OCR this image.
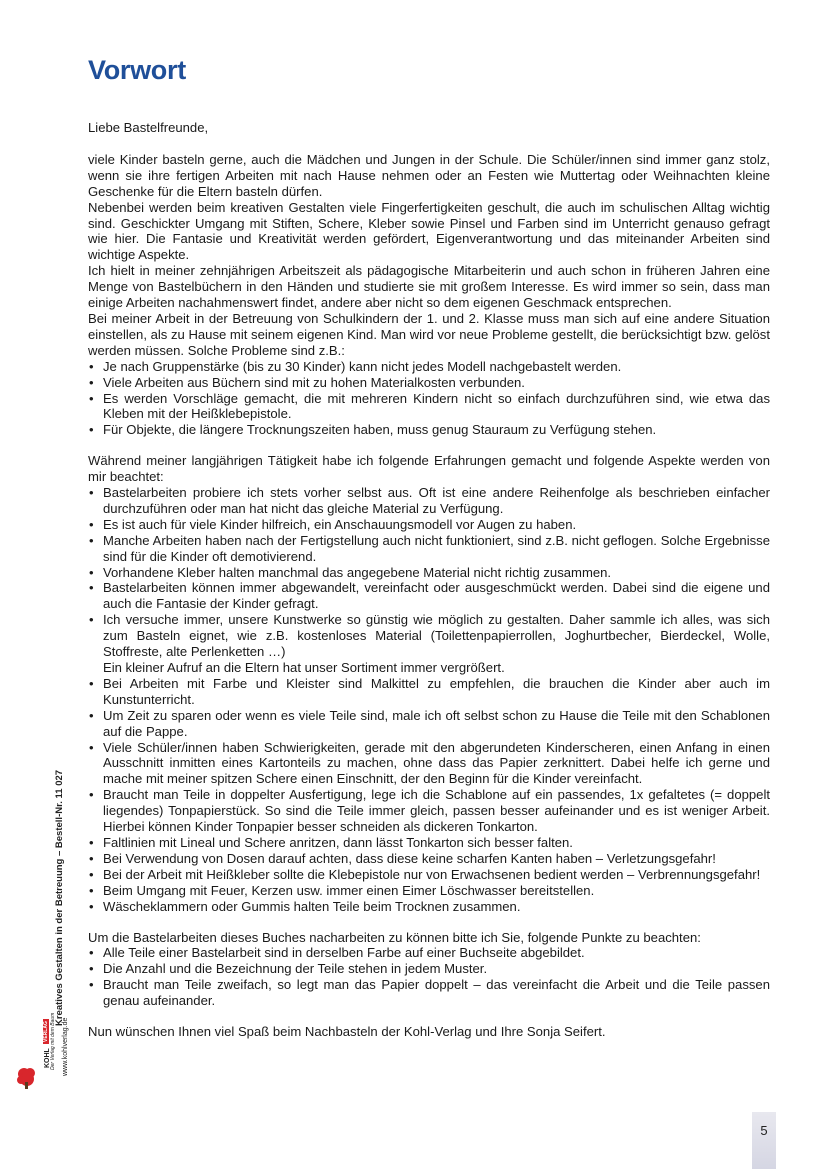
Vorwort

Liebe Bastelfreunde,

viele Kinder basteln gerne, auch die Mädchen und Jungen in der Schule. Die Schüler/innen sind immer ganz stolz, wenn sie ihre fertigen Arbeiten mit nach Hause nehmen oder an Festen wie Muttertag oder Weihnachten kleine Geschenke für die Eltern basteln dürfen.

Nebenbei werden beim kreativen Gestalten viele Fingerfertigkeiten geschult, die auch im schulischen Alltag wichtig sind. Geschickter Umgang mit Stiften, Schere, Kleber sowie Pinsel und Farben sind im Unterricht genauso gefragt wie hier. Die Fantasie und Kreativität werden gefördert, Eigenverantwortung und das miteinander Arbeiten sind wichtige Aspekte.

Ich hielt in meiner zehnjährigen Arbeitszeit als pädagogische Mitarbeiterin und auch schon in früheren Jahren eine Menge von Bastelbüchern in den Händen und studierte sie mit großem Interesse. Es wird immer so sein, dass man einige Arbeiten nachahmenswert findet, andere aber nicht so dem eigenen Geschmack entsprechen.

Bei meiner Arbeit in der Betreuung von Schulkindern der 1. und 2. Klasse muss man sich auf eine andere Situation einstellen, als zu Hause mit seinem eigenen Kind. Man wird vor neue Probleme gestellt, die berücksichtigt bzw. gelöst werden müssen. Solche Probleme sind z.B.:

• Je nach Gruppenstärke (bis zu 30 Kinder) kann nicht jedes Modell nachgebastelt werden.
• Viele Arbeiten aus Büchern sind mit zu hohen Materialkosten verbunden.
• Es werden Vorschläge gemacht, die mit mehreren Kindern nicht so einfach durchzuführen sind, wie etwa das Kleben mit der Heißklebepistole.
• Für Objekte, die längere Trocknungszeiten haben, muss genug Stauraum zu Verfügung stehen.

Während meiner langjährigen Tätigkeit habe ich folgende Erfahrungen gemacht und folgende Aspekte werden von mir beachtet:

• Bastelarbeiten probiere ich stets vorher selbst aus. Oft ist eine andere Reihenfolge als beschrieben einfacher durchzuführen oder man hat nicht das gleiche Material zu Verfügung.
• Es ist auch für viele Kinder hilfreich, ein Anschauungsmodell vor Augen zu haben.
• Manche Arbeiten haben nach der Fertigstellung auch nicht funktioniert, sind z.B. nicht geflogen. Solche Ergebnisse sind für die Kinder oft demotivierend.
• Vorhandene Kleber halten manchmal das angegebene Material nicht richtig zusammen.
• Bastelarbeiten können immer abgewandelt, vereinfacht oder ausgeschmückt werden. Dabei sind die eigene und auch die Fantasie der Kinder gefragt.
• Ich versuche immer, unsere Kunstwerke so günstig wie möglich zu gestalten. Daher sammle ich alles, was sich zum Basteln eignet, wie z.B. kostenloses Material (Toilettenpapierrollen, Joghurtbecher, Bierdeckel, Wolle, Stoffreste, alte Perlenketten …)
Ein kleiner Aufruf an die Eltern hat unser Sortiment immer vergrößert.
• Bei Arbeiten mit Farbe und Kleister sind Malkittel zu empfehlen, die brauchen die Kinder aber auch im Kunstunterricht.
• Um Zeit zu sparen oder wenn es viele Teile sind, male ich oft selbst schon zu Hause die Teile mit den Schablonen auf die Pappe.
• Viele Schüler/innen haben Schwierigkeiten, gerade mit den abgerundeten Kinderscheren, einen Anfang in einen Ausschnitt inmitten eines Kartonteils zu machen, ohne dass das Papier zerknittert. Dabei helfe ich gerne und mache mit meiner spitzen Schere einen Einschnitt, der den Beginn für die Kinder vereinfacht.
• Braucht man Teile in doppelter Ausfertigung, lege ich die Schablone auf ein passendes, 1x gefaltetes (= doppelt liegendes) Tonpapierstück. So sind die Teile immer gleich, passen besser aufeinander und es ist weniger Arbeit. Hierbei können Kinder Tonpapier besser schneiden als dickeren Tonkarton.
• Faltlinien mit Lineal und Schere anritzen, dann lässt Tonkarton sich besser falten.
• Bei Verwendung von Dosen darauf achten, dass diese keine scharfen Kanten haben – Verletzungsgefahr!
• Bei der Arbeit mit Heißkleber sollte die Klebepistole nur von Erwachsenen bedient werden – Verbrennungsgefahr!
• Beim Umgang mit Feuer, Kerzen usw. immer einen Eimer Löschwasser bereitstellen.
• Wäscheklammern oder Gummis halten Teile beim Trocknen zusammen.

Um die Bastelarbeiten dieses Buches nacharbeiten zu können bitte ich Sie, folgende Punkte zu beachten:

• Alle Teile einer Bastelarbeit sind in derselben Farbe auf einer Buchseite abgebildet.
• Die Anzahl und die Bezeichnung der Teile stehen in jedem Muster.
• Braucht man Teile zweifach, so legt man das Papier doppelt – das vereinfacht die Arbeit und die Teile passen genau aufeinander.

Nun wünschen Ihnen viel Spaß beim Nachbasteln der Kohl-Verlag und Ihre Sonja Seifert.

Kreatives Gestalten in der Betreuung – Bestell-Nr. 11 027
www.kohlverlag.de
KOHL
VERLAG Der Verlag mit dem Baum
5
